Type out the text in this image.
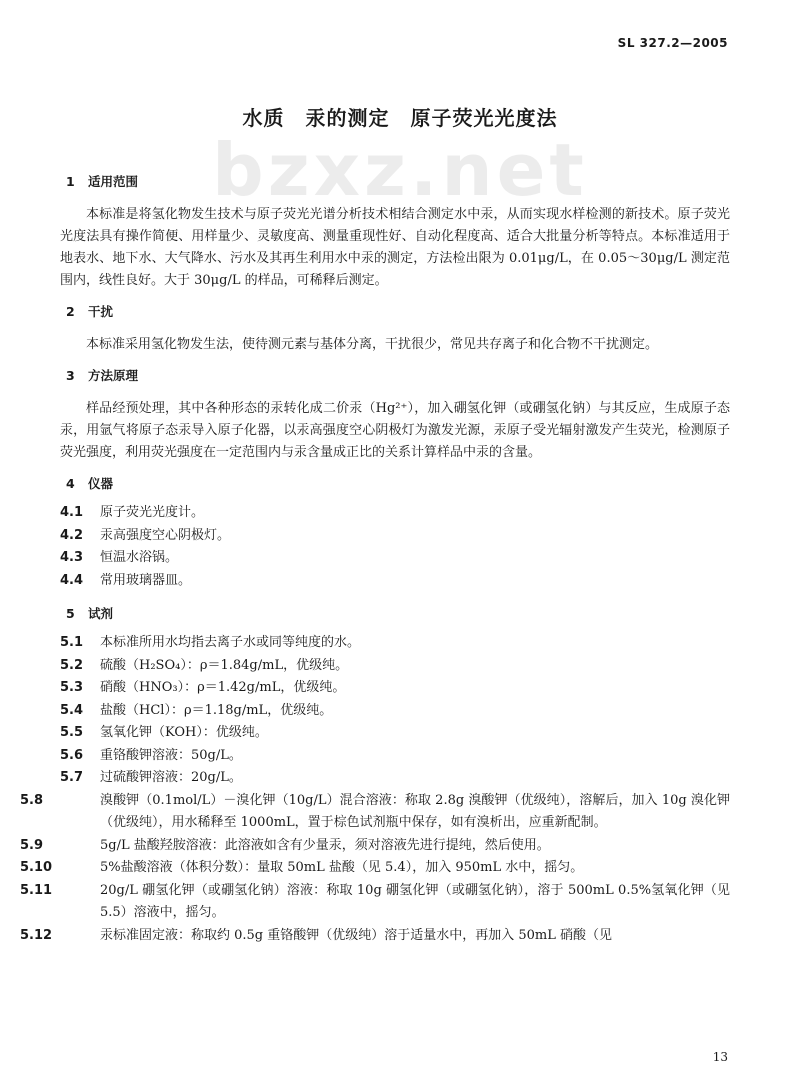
SL 327.2—2005
bzxz.net
水质　汞的测定　原子荧光光度法
1 适用范围
本标准是将氢化物发生技术与原子荧光光谱分析技术相结合测定水中汞，从而实现水样检测的新技术。原子荧光光度法具有操作简便、用样量少、灵敏度高、测量重现性好、自动化程度高、适合大批量分析等特点。本标准适用于地表水、地下水、大气降水、污水及其再生利用水中汞的测定，方法检出限为 0.01μg/L，在 0.05～30μg/L 测定范围内，线性良好。大于 30μg/L 的样品，可稀释后测定。
2 干扰
本标准采用氢化物发生法，使待测元素与基体分离，干扰很少，常见共存离子和化合物不干扰测定。
3 方法原理
样品经预处理，其中各种形态的汞转化成二价汞（Hg²⁺），加入硼氢化钾（或硼氢化钠）与其反应，生成原子态汞，用氩气将原子态汞导入原子化器，以汞高强度空心阴极灯为激发光源，汞原子受光辐射激发产生荧光，检测原子荧光强度，利用荧光强度在一定范围内与汞含量成正比的关系计算样品中汞的含量。
4 仪器
4.1 原子荧光光度计。
4.2 汞高强度空心阴极灯。
4.3 恒温水浴锅。
4.4 常用玻璃器皿。
5 试剂
5.1 本标准所用水均指去离子水或同等纯度的水。
5.2 硫酸（H₂SO₄）：ρ＝1.84g/mL，优级纯。
5.3 硝酸（HNO₃）：ρ＝1.42g/mL，优级纯。
5.4 盐酸（HCl）：ρ＝1.18g/mL，优级纯。
5.5 氢氧化钾（KOH）：优级纯。
5.6 重铬酸钾溶液：50g/L。
5.7 过硫酸钾溶液：20g/L。
5.8	溴酸钾（0.1mol/L）－溴化钾（10g/L）混合溶液：称取 2.8g 溴酸钾（优级纯），溶解后，加入 10g 溴化钾（优级纯），用水稀释至 1000mL，置于棕色试剂瓶中保存，如有溴析出，应重新配制。
5.9	5g/L 盐酸羟胺溶液：此溶液如含有少量汞，须对溶液先进行提纯，然后使用。
5.10	5%盐酸溶液（体积分数）：量取 50mL 盐酸（见 5.4），加入 950mL 水中，摇匀。
5.11	20g/L 硼氢化钾（或硼氢化钠）溶液：称取 10g 硼氢化钾（或硼氢化钠），溶于 500mL 0.5%氢氧化钾（见 5.5）溶液中，摇匀。
5.12	汞标准固定液：称取约 0.5g 重铬酸钾（优级纯）溶于适量水中，再加入 50mL 硝酸（见
13
